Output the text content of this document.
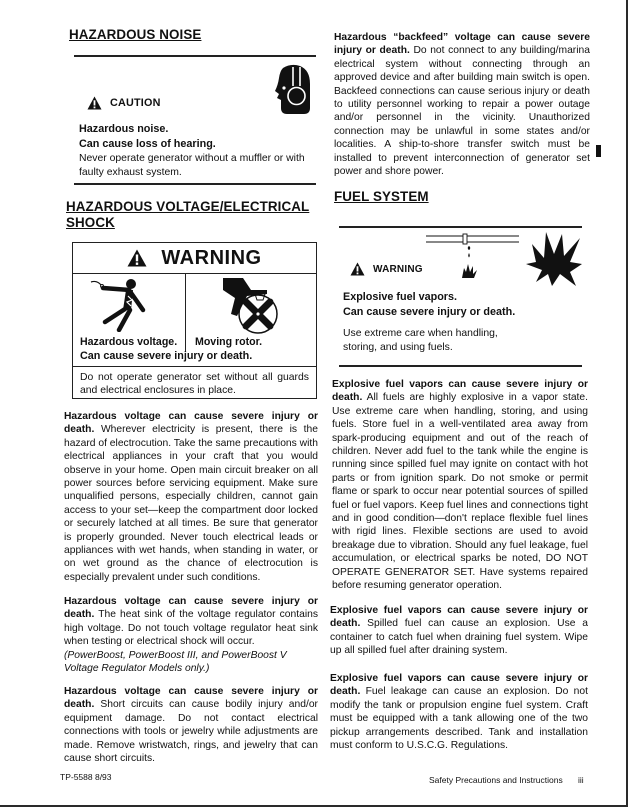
HAZARDOUS NOISE
CAUTION
Hazardous noise.
Can cause loss of hearing.
Never operate generator without a muffler or with faulty exhaust system.
HAZARDOUS VOLTAGE/ELECTRICAL
SHOCK
WARNING
Hazardous voltage. Moving rotor.
Can cause severe injury or death.
Do not operate generator set without all guards and electrical enclosures in place.

Hazardous voltage can cause severe injury or death. Wherever electricity is present, there is the hazard of electrocution. Take the same precautions with electrical appliances in your craft that you would observe in your home. Open main circuit breaker on all power sources before servicing equipment. Make sure unqualified persons, especially children, cannot gain access to your set—keep the compartment door locked or securely latched at all times. Be sure that generator is properly grounded. Never touch electrical leads or appliances with wet hands, when standing in water, or on wet ground as the chance of electrocution is especially prevalent under such conditions.

Hazardous voltage can cause severe injury or death. The heat sink of the voltage regulator contains high voltage. Do not touch voltage regulator heat sink when testing or electrical shock will occur.

(PowerBoost, PowerBoost III, and PowerBoost V Voltage Regulator Models only.)

Hazardous voltage can cause severe injury or death. Short circuits can cause bodily injury and/or equipment damage. Do not contact electrical connections with tools or jewelry while adjustments are made. Remove wristwatch, rings, and jewelry that can cause short circuits.

Hazardous “backfeed” voltage can cause severe injury or death. Do not connect to any building/marina electrical system without connecting through an approved device and after building main switch is open. Backfeed connections can cause serious injury or death to utility personnel working to repair a power outage and/or personnel in the vicinity. Unauthorized connection may be unlawful in some states and/or localities. A ship-to-shore transfer switch must be installed to prevent interconnection of generator set power and shore power.

FUEL SYSTEM
WARNING
Explosive fuel vapors.
Can cause severe injury or death.
Use extreme care when handling, storing, and using fuels.

Explosive fuel vapors can cause severe injury or death. All fuels are highly explosive in a vapor state. Use extreme care when handling, storing, and using fuels. Store fuel in a well-ventilated area away from spark-producing equipment and out of the reach of children. Never add fuel to the tank while the engine is running since spilled fuel may ignite on contact with hot parts or from ignition spark. Do not smoke or permit flame or spark to occur near potential sources of spilled fuel or fuel vapors. Keep fuel lines and connections tight and in good condition—don't replace flexible fuel lines with rigid lines. Flexible sections are used to avoid breakage due to vibration. Should any fuel leakage, fuel accumulation, or electrical sparks be noted, DO NOT OPERATE GENERATOR SET. Have systems repaired before resuming generator operation.

Explosive fuel vapors can cause severe injury or death. Spilled fuel can cause an explosion. Use a container to catch fuel when draining fuel system. Wipe up all spilled fuel after draining system.

Explosive fuel vapors can cause severe injury or death. Fuel leakage can cause an explosion. Do not modify the tank or propulsion engine fuel system. Craft must be equipped with a tank allowing one of the two pickup arrangements described. Tank and installation must conform to U.S.C.G. Regulations.

TP-5588 8/93	Safety Precautions and Instructions iii
